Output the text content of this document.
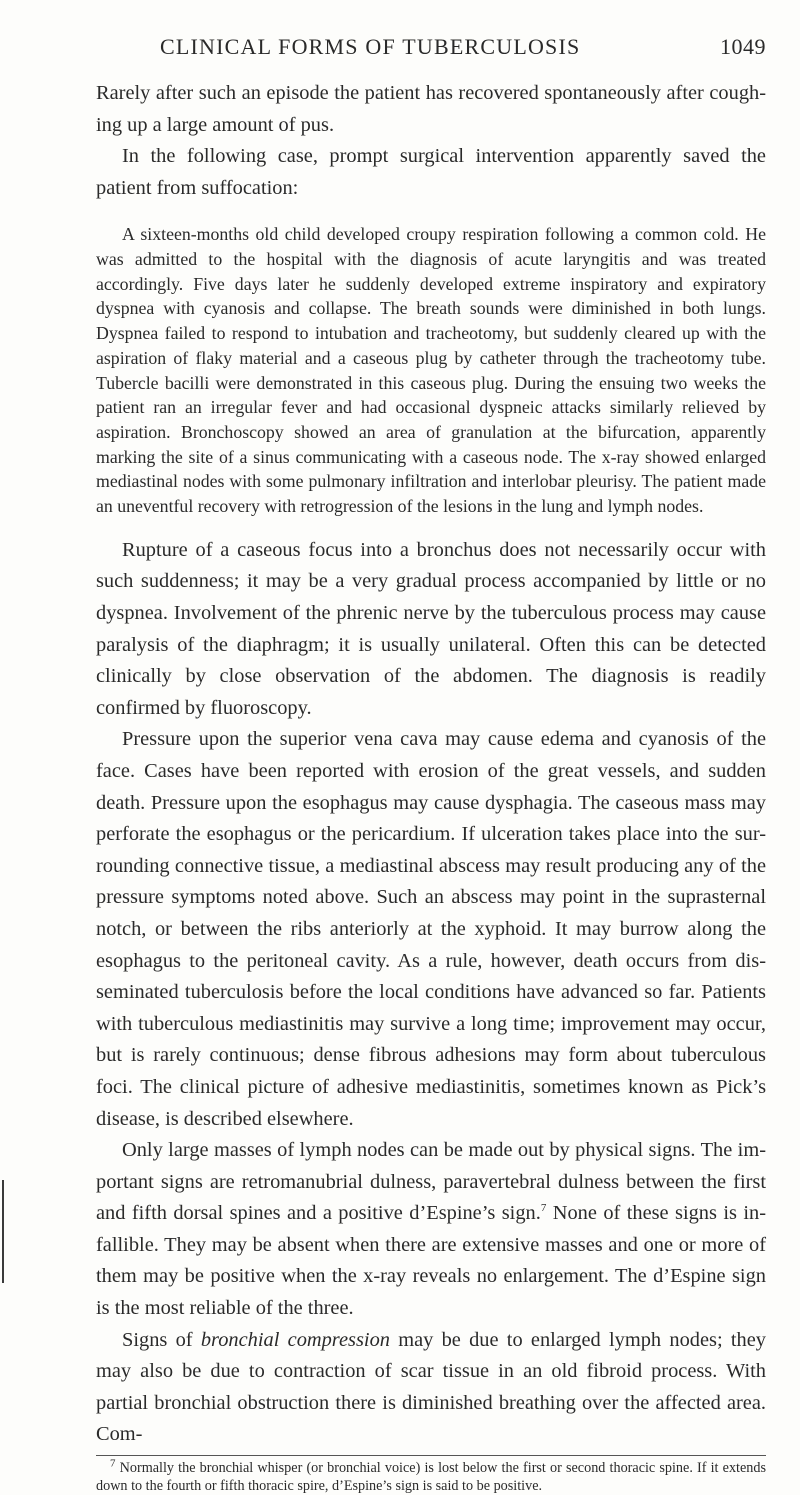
CLINICAL FORMS OF TUBERCULOSIS	1049

Rarely after such an episode the patient has recovered spontaneously after cough-ing up a large amount of pus.

In the following case, prompt surgical intervention apparently saved the patient from suffocation:

A sixteen-months old child developed croupy respiration following a common cold. He was admitted to the hospital with the diagnosis of acute laryngitis and was treated accordingly. Five days later he suddenly developed extreme inspiratory and expiratory dyspnea with cyanosis and collapse. The breath sounds were diminished in both lungs. Dyspnea failed to respond to intubation and tracheotomy, but suddenly cleared up with the aspiration of flaky material and a caseous plug by catheter through the tracheotomy tube. Tubercle bacilli were demonstrated in this caseous plug. During the ensuing two weeks the patient ran an irregular fever and had occasional dyspneic attacks similarly relieved by aspiration. Bronchoscopy showed an area of granulation at the bifurcation, apparently marking the site of a sinus communicating with a caseous node. The x-ray showed enlarged mediastinal nodes with some pulmonary infiltration and interlobar pleurisy. The patient made an uneventful recovery with retrogression of the lesions in the lung and lymph nodes.

Rupture of a caseous focus into a bronchus does not necessarily occur with such suddenness; it may be a very gradual process accompanied by little or no dyspnea. Involvement of the phrenic nerve by the tuberculous process may cause paralysis of the diaphragm; it is usually unilateral. Often this can be detected clinically by close observation of the abdomen. The diagnosis is readily confirmed by fluoroscopy.

Pressure upon the superior vena cava may cause edema and cyanosis of the face. Cases have been reported with erosion of the great vessels, and sudden death. Pressure upon the esophagus may cause dysphagia. The caseous mass may perforate the esophagus or the pericardium. If ulceration takes place into the sur-rounding connective tissue, a mediastinal abscess may result producing any of the pressure symptoms noted above. Such an abscess may point in the suprasternal notch, or between the ribs anteriorly at the xyphoid. It may burrow along the esophagus to the peritoneal cavity. As a rule, however, death occurs from dis-seminated tuberculosis before the local conditions have advanced so far. Patients with tuberculous mediastinitis may survive a long time; improvement may occur, but is rarely continuous; dense fibrous adhesions may form about tuberculous foci. The clinical picture of adhesive mediastinitis, sometimes known as Pick’s disease, is described elsewhere.

Only large masses of lymph nodes can be made out by physical signs. The im-portant signs are retromanubrial dulness, paravertebral dulness between the first and fifth dorsal spines and a positive d’Espine’s sign.$^7$ None of these signs is in-fallible. They may be absent when there are extensive masses and one or more of them may be positive when the x-ray reveals no enlargement. The d’Espine sign is the most reliable of the three.

Signs of bronchial compression may be due to enlarged lymph nodes; they may also be due to contraction of scar tissue in an old fibroid process. With partial bronchial obstruction there is diminished breathing over the affected area. Com-

$^7$ Normally the bronchial whisper (or bronchial voice) is lost below the first or second thoracic spine. If it extends down to the fourth or fifth thoracic spire, d’Espine’s sign is said to be positive.
